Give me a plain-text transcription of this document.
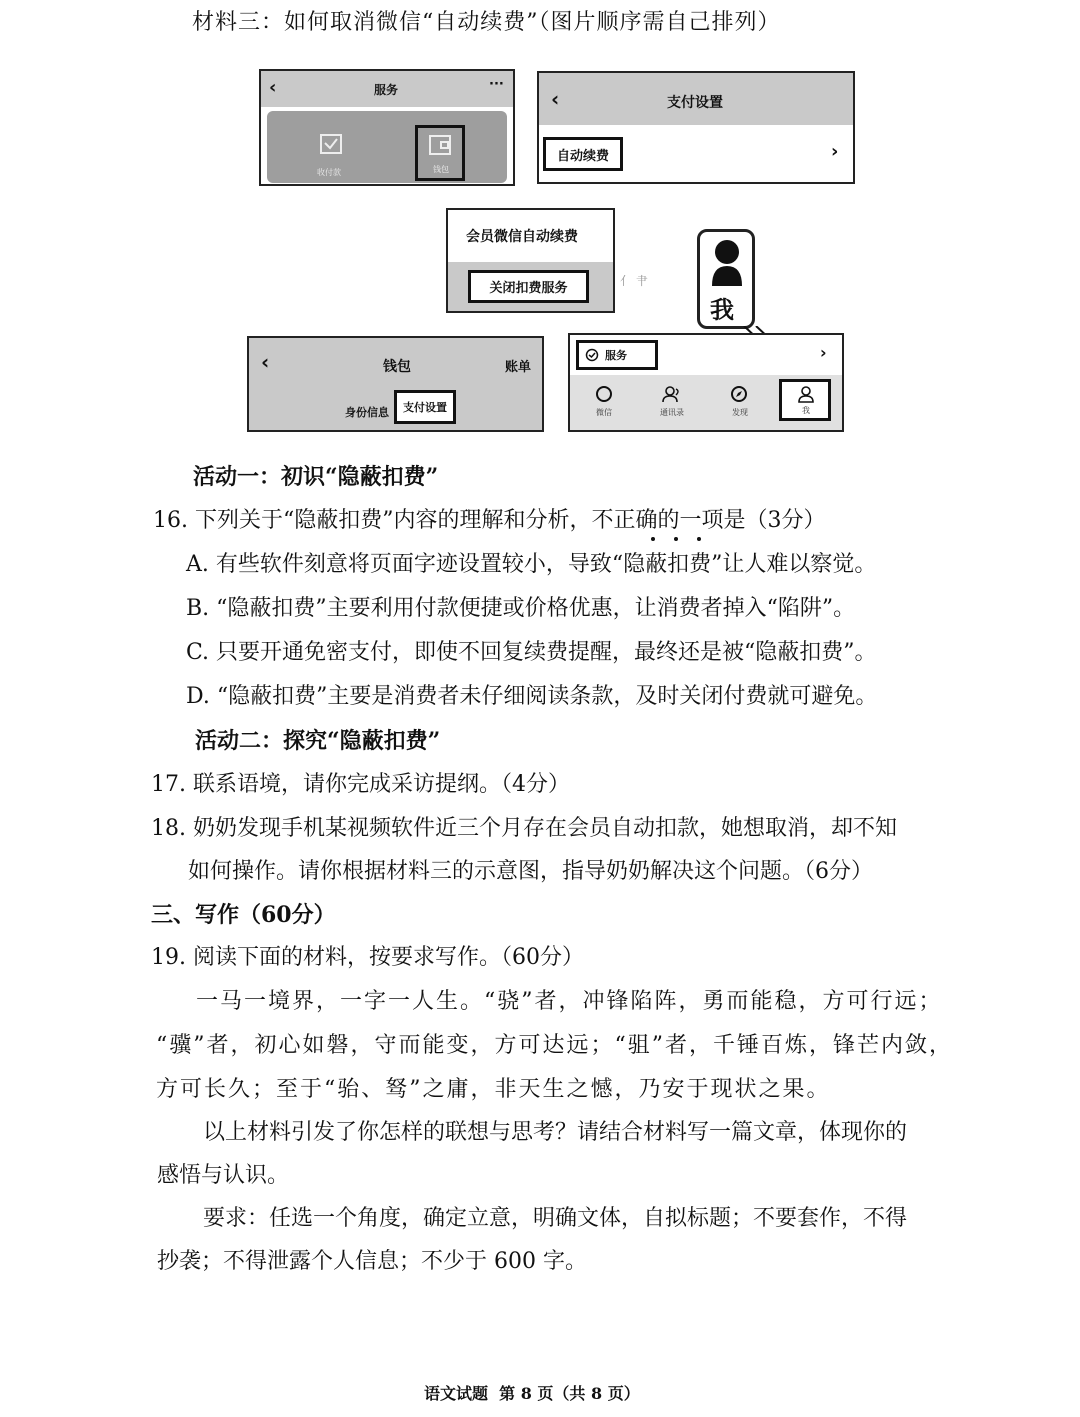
材料三：如何取消微信“自动续费”（图片顺序需自己排列）
‹	服务	···
收付款	钱包
‹	支付设置
自动续费	›
会员微信自动续费
关闭扣费服务	亻 肀
我
‹	钱包	账单
身份信息	支付设置
服务	›
微信	通讯录	发现	我
活动一：初识“隐蔽扣费”
16. 下列关于“隐蔽扣费”内容的理解和分析，不正确的一项是（3分）
A. 有些软件刻意将页面字迹设置较小，导致“隐蔽扣费”让人难以察觉。
B. “隐蔽扣费”主要利用付款便捷或价格优惠，让消费者掉入“陷阱”。
C. 只要开通免密支付，即使不回复续费提醒，最终还是被“隐蔽扣费”。
D. “隐蔽扣费”主要是消费者未仔细阅读条款，及时关闭付费就可避免。
活动二：探究“隐蔽扣费”
17. 联系语境，请你完成采访提纲。（4分）
18. 奶奶发现手机某视频软件近三个月存在会员自动扣款，她想取消，却不知
如何操作。请你根据材料三的示意图，指导奶奶解决这个问题。（6分）
三、写作（60分）
19. 阅读下面的材料，按要求写作。（60分）
一马一境界，一字一人生。“骁”者，冲锋陷阵，勇而能稳，方可行远；
“骥”者，初心如磐，守而能变，方可达远；“驵”者，千锤百炼，锋芒内敛，
方可长久；至于“骀、驽”之庸，非天生之憾，乃安于现状之果。
以上材料引发了你怎样的联想与思考？请结合材料写一篇文章，体现你的
感悟与认识。
要求：任选一个角度，确定立意，明确文体，自拟标题；不要套作，不得
抄袭；不得泄露个人信息；不少于 600 字。
语文试题  第 8 页（共 8 页）
